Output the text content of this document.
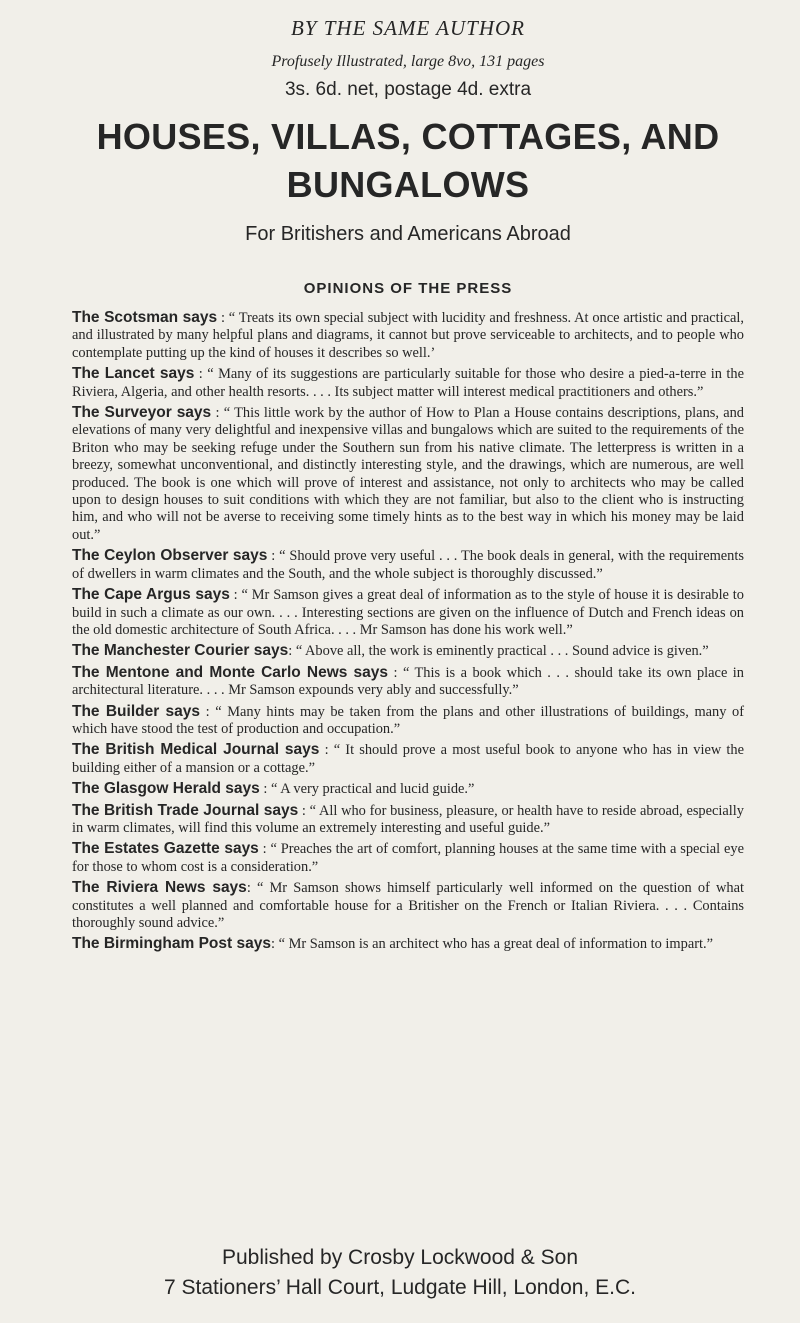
BY THE SAME AUTHOR
Profusely Illustrated, large 8vo, 131 pages
3s. 6d. net, postage 4d. extra
HOUSES, VILLAS, COTTAGES, AND
BUNGALOWS
For Britishers and Americans Abroad
OPINIONS OF THE PRESS

The Scotsman says : “ Treats its own special subject with lucidity and freshness. At once artistic and practical, and illustrated by many helpful plans and diagrams, it cannot but prove serviceable to architects, and to people who contemplate putting up the kind of houses it describes so well.’

The Lancet says : “ Many of its suggestions are particularly suitable for those who desire a pied-a-terre in the Riviera, Algeria, and other health resorts. . . . Its subject matter will interest medical practitioners and others.”

The Surveyor says : “ This little work by the author of How to Plan a House contains descriptions, plans, and elevations of many very delightful and inexpensive villas and bungalows which are suited to the requirements of the Briton who may be seeking refuge under the Southern sun from his native climate. The letterpress is written in a breezy, somewhat unconventional, and distinctly interesting style, and the drawings, which are numerous, are well produced. The book is one which will prove of interest and assistance, not only to architects who may be called upon to design houses to suit conditions with which they are not familiar, but also to the client who is instructing him, and who will not be averse to receiving some timely hints as to the best way in which his money may be laid out.”

The Ceylon Observer says : “ Should prove very useful . . . The book deals in general, with the requirements of dwellers in warm climates and the South, and the whole subject is thoroughly discussed.”

The Cape Argus says : “ Mr Samson gives a great deal of information as to the style of house it is desirable to build in such a climate as our own. . . . Interesting sections are given on the influence of Dutch and French ideas on the old domestic architecture of South Africa. . . . Mr Samson has done his work well.”

The Manchester Courier says: “ Above all, the work is eminently practical . . . Sound advice is given.”

The Mentone and Monte Carlo News says : “ This is a book which . . . should take its own place in architectural literature. . . . Mr Samson expounds very ably and successfully.”

The Builder says : “ Many hints may be taken from the plans and other illustrations of buildings, many of which have stood the test of production and occupation.”

The British Medical Journal says : “ It should prove a most useful book to anyone who has in view the building either of a mansion or a cottage.”

The Glasgow Herald says : “ A very practical and lucid guide.”

The British Trade Journal says : “ All who for business, pleasure, or health have to reside abroad, especially in warm climates, will find this volume an extremely interesting and useful guide.”

The Estates Gazette says : “ Preaches the art of comfort, planning houses at the same time with a special eye for those to whom cost is a consideration.”

The Riviera News says: “ Mr Samson shows himself particularly well informed on the question of what constitutes a well planned and comfortable house for a Britisher on the French or Italian Riviera. . . . Contains thoroughly sound advice.”

The Birmingham Post says: “ Mr Samson is an architect who has a great deal of information to impart.”

Published by Crosby Lockwood & Son
7 Stationers’ Hall Court, Ludgate Hill, London, E.C.
